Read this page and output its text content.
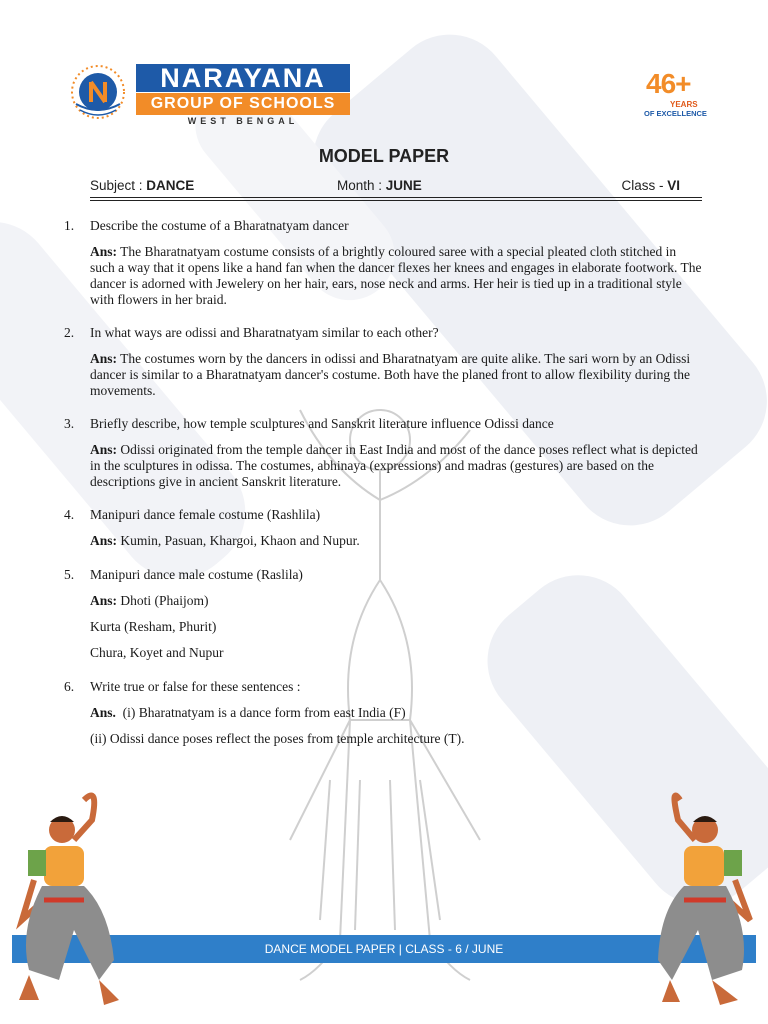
NARAYANA
GROUP OF SCHOOLS
WEST BENGAL
46+
YEARS
OF EXCELLENCE
MODEL PAPER
Subject : DANCE	Month : JUNE	Class - VI
1. Describe the costume of a Bharatnatyam dancer

Ans: The Bharatnatyam costume consists of a brightly coloured saree with a special pleated cloth stitched in such a way that it opens like a hand fan when the dancer flexes her knees and engages in elaborate footwork. The dancer is adorned with Jewelery on her hair, ears, nose neck and arms. Her heir is tied up in a traditional style with flowers in her braid.

2. In what ways are odissi and Bharatnatyam similar to each other?

Ans: The costumes worn by the dancers in odissi and Bharatnatyam are quite alike. The sari worn by an Odissi dancer is similar to a Bharatnatyam dancer's costume. Both have the planed front to allow flexibility during the movements.

3. Briefly describe, how temple sculptures and Sanskrit literature influence Odissi dance

Ans: Odissi originated from the temple dancer in East India and most of the dance poses reflect what is depicted in the sculptures in odissa. The costumes, abhinaya (expressions) and madras (gestures) are based on the descriptions give in ancient Sanskrit literature.

4. Manipuri dance female costume (Rashlila)

Ans: Kumin, Pasuan, Khargoi, Khaon and Nupur.

5. Manipuri dance male costume (Raslila)

Ans: Dhoti (Phaijom)

Kurta (Resham, Phurit)

Chura, Koyet and Nupur

6. Write true or false for these sentences :

Ans. (i) Bharatnatyam is a dance form from east India (F)

(ii) Odissi dance poses reflect the poses from temple architecture (T).

DANCE MODEL PAPER | CLASS - 6 / JUNE
